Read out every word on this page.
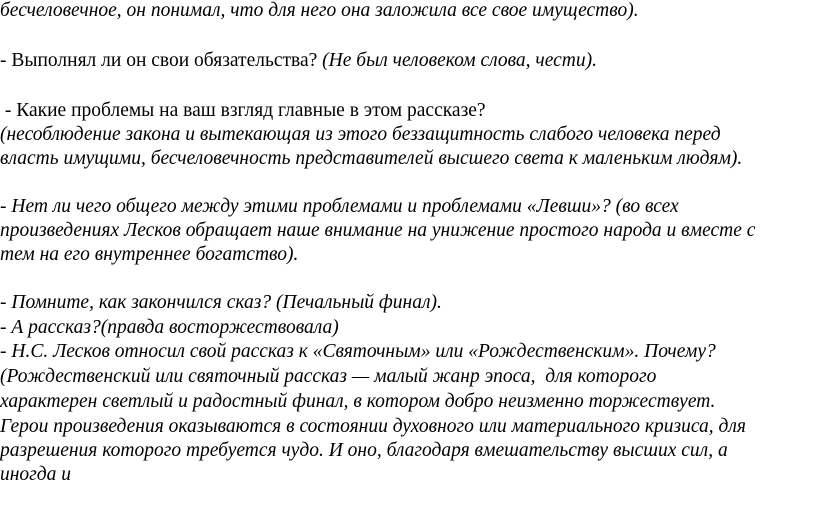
бесчеловечное, он понимал, что для него она заложила все свое имущество).
- Выполнял ли он свои обязательства? (Не был человеком слова, чести).
- Какие проблемы на ваш взгляд главные в этом рассказе?
(несоблюдение закона и вытекающая из этого беззащитность слабого человека перед
власть имущими, бесчеловечность представителей высшего света к маленьким людям).
- Нет ли чего общего между этими проблемами и проблемами «Левши»? (во всех
произведениях Лесков обращает наше внимание на унижение простого народа и вместе с
тем на его внутреннее богатство).
- Помните, как закончился сказ? (Печальный финал).
- А рассказ?(правда восторжествовала)
- Н.С. Лесков относил свой рассказ к «Святочным» или «Рождественским». Почему?
(Рождественский или святочный рассказ — малый жанр эпоса,  для которого
характерен светлый и радостный финал, в котором добро неизменно торжествует.
Герои произведения оказываются в состоянии духовного или материального кризиса, для
разрешения которого требуется чудо. И оно, благодаря вмешательству высших сил, а
иногда и
